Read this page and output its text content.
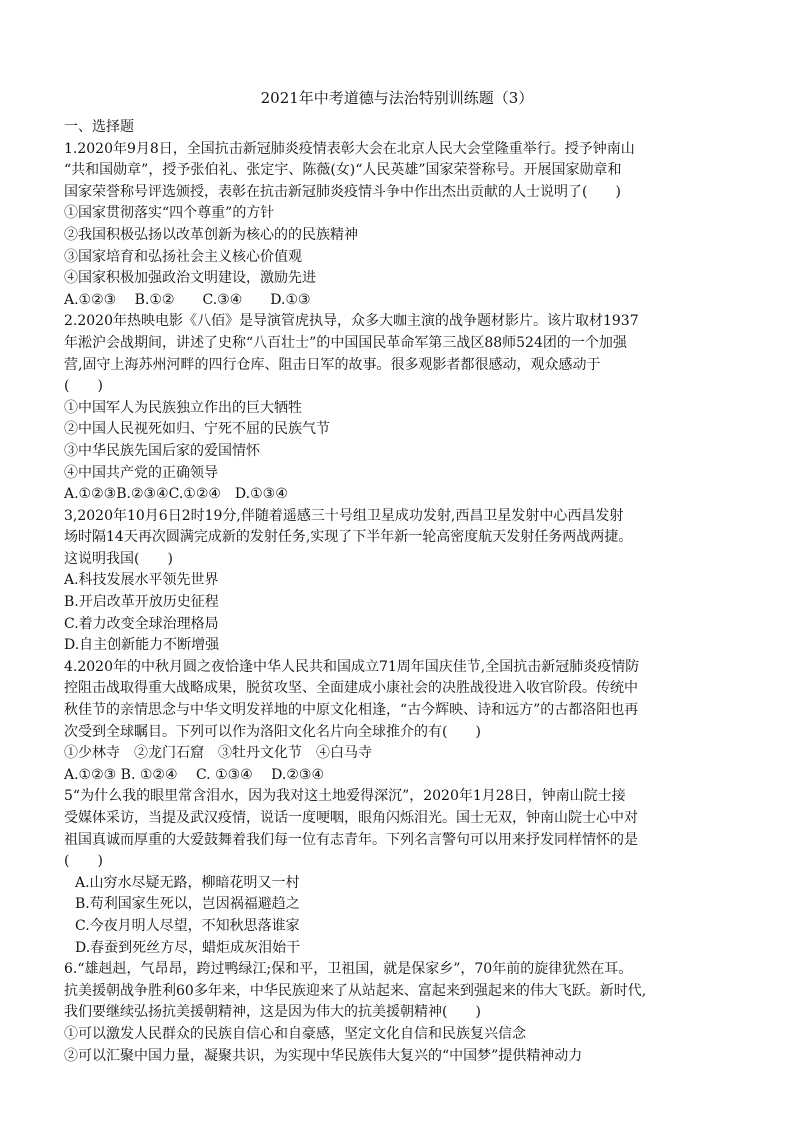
2021年中考道德与法治特别训练题（3）
一、选择题
1.2020年9月8日，全国抗击新冠肺炎疫情表彰大会在北京人民大会堂隆重举行。授予钟南山
“共和国勋章”，授予张伯礼、张定宇、陈薇(女)“人民英雄”国家荣誉称号。开展国家勋章和
国家荣誉称号评选颁授，表彰在抗击新冠肺炎疫情斗争中作出杰出贡献的人士说明了(　　)
①国家贯彻落实“四个尊重”的方针
②我国积极弘扬以改革创新为核心的的民族精神
③国家培育和弘扬社会主义核心价值观
④国家积极加强政治文明建设，激励先进
A.①②③　 B.①②　　C.③④　　D.①③
2.2020年热映电影《八佰》是导演管虎执导，众多大咖主演的战争题材影片。该片取材1937
年淞沪会战期间，讲述了史称“八百壮士”的中国国民革命军第三战区88师524团的一个加强
营,固守上海苏州河畔的四行仓库、阻击日军的故事。很多观影者都很感动，观众感动于
(　　)
①中国军人为民族独立作出的巨大牺牲
②中国人民视死如归、宁死不屈的民族气节
③中华民族先国后家的爱国情怀
④中国共产党的正确领导
A.①②③B.②③④C.①②④　D.①③④
3,2020年10月6日2时19分,伴随着遥感三十号组卫星成功发射,西昌卫星发射中心西昌发射
场时隔14天再次圆满完成新的发射任务,实现了下半年新一轮高密度航天发射任务两战两捷。
这说明我国(　　)
A.科技发展水平领先世界
B.开启改革开放历史征程
C.着力改变全球治理格局
D.自主创新能力不断增强
4.2020年的中秋月圆之夜恰逢中华人民共和国成立71周年国庆佳节,全国抗击新冠肺炎疫情防
控阻击战取得重大战略成果，脱贫攻坚、全面建成小康社会的决胜战役进入收官阶段。传统中
秋佳节的亲情思念与中华文明发祥地的中原文化相逢，“古今辉映、诗和远方”的古都洛阳也再
次受到全球瞩目。下列可以作为洛阳文化名片向全球推介的有(　　)
①少林寺　②龙门石窟　③牡丹文化节　④白马寺
A.①②③ B. ①②④　 C. ①③④　 D.②③④
5“为什么我的眼里常含泪水，因为我对这土地爱得深沉”，2020年1月28日，钟南山院士接
受媒体采访，当提及武汉疫情，说话一度哽咽，眼角闪烁泪光。国士无双，钟南山院士心中对
祖国真诚而厚重的大爱鼓舞着我们每一位有志青年。下列名言警句可以用来抒发同样情怀的是
(　　)
A.山穷水尽疑无路，柳暗花明又一村
B.苟利国家生死以，岂因祸福避趋之
C.今夜月明人尽望，不知秋思落谁家
D.春蚕到死丝方尽，蜡炬成灰泪始干
6.“雄赳赳，气昂昂，跨过鸭绿江;保和平，卫祖国，就是保家乡”，70年前的旋律犹然在耳。
抗美援朝战争胜利60多年来，中华民族迎来了从站起来、富起来到强起来的伟大飞跃。新时代,
我们要继续弘扬抗美援朝精神，这是因为伟大的抗美援朝精神(　　)
①可以激发人民群众的民族自信心和自豪感，坚定文化自信和民族复兴信念
②可以汇聚中国力量，凝聚共识，为实现中华民族伟大复兴的“中国梦”提供精神动力
